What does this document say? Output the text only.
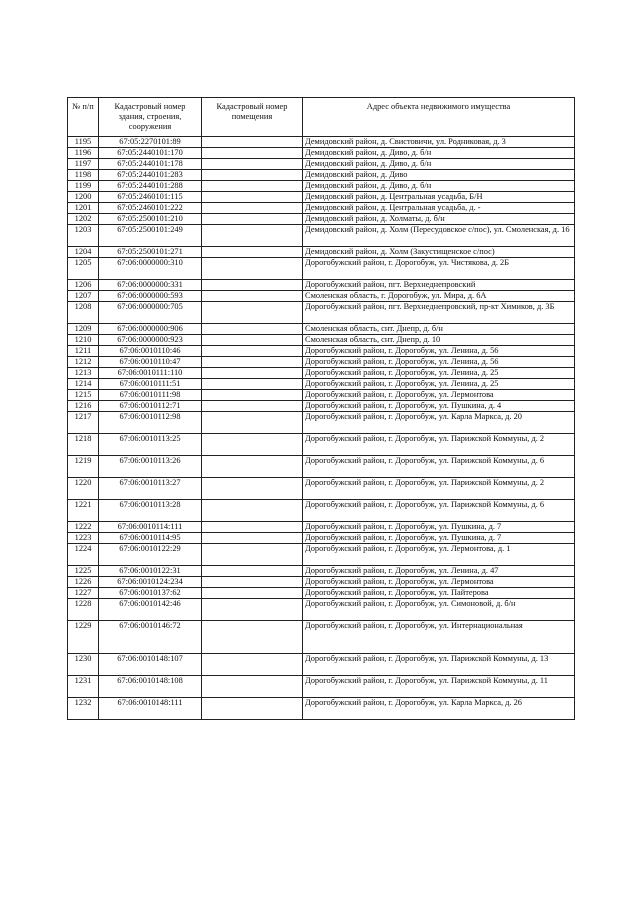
№ п/п	Кадастровый номер здания, строения, сооружения	Кадастровый номер помещения	Адрес объекта недвижимого имущества
1195	67:05:2270101:89		Демидовский район, д. Свистовичи, ул. Родниковая, д. 3
1196	67:05:2440101:170		Демидовский район, д. Диво, д. б/н
1197	67:05:2440101:178		Демидовский район, д. Диво, д. б/н
1198	67:05:2440101:283		Демидовский район, д. Диво
1199	67:05:2440101:288		Демидовский район, д. Диво, д. б/н
1200	67:05:2460101:115		Демидовский район, д. Центральная усадьба, Б/Н
1201	67:05:2460101:222		Демидовский район, д. Центральная усадьба, д. -
1202	67:05:2500101:210		Демидовский район, д. Холматы, д. б/н
1203	67:05:2500101:249		Демидовский район, д. Холм (Пересудовское с/пос), ул. Смоленская, д. 16
1204	67:05:2500101:271		Демидовский район, д. Холм (Закустищенское с/пос)
1205	67:06:0000000:310		Дорогобужский район, г. Дорогобуж, ул. Чистякова, д. 2Б
1206	67:06:0000000:331		Дорогобужский район, пгт. Верхнеднепровский
1207	67:06:0000000:593		Смоленская область, г. Дорогобуж, ул. Мира, д. 6А
1208	67:06:0000000:705		Дорогобужский район, пгт. Верхнеднепровский, пр-кт Химиков, д. 3Б
1209	67:06:0000000:906		Смоленская область, снт. Днепр, д. б/н
1210	67:06:0000000:923		Смоленская область, снт. Днепр, д. 10
1211	67:06:0010110:46		Дорогобужский район, г. Дорогобуж, ул. Ленина, д. 56
1212	67:06:0010110:47		Дорогобужский район, г. Дорогобуж, ул. Ленина, д. 56
1213	67:06:0010111:110		Дорогобужский район, г. Дорогобуж, ул. Ленина, д. 25
1214	67:06:0010111:51		Дорогобужский район, г. Дорогобуж, ул. Ленина, д. 25
1215	67:06:0010111:98		Дорогобужский район, г. Дорогобуж, ул. Лермонтова
1216	67:06:0010112:71		Дорогобужский район, г. Дорогобуж, ул. Пушкина, д. 4
1217	67:06:0010112:98		Дорогобужский район, г. Дорогобуж, ул. Карла Маркса, д. 20
1218	67:06:0010113:25		Дорогобужский район, г. Дорогобуж, ул. Парижской Коммуны, д. 2
1219	67:06:0010113:26		Дорогобужский район, г. Дорогобуж, ул. Парижской Коммуны, д. 6
1220	67:06:0010113:27		Дорогобужский район, г. Дорогобуж, ул. Парижской Коммуны, д. 2
1221	67:06:0010113:28		Дорогобужский район, г. Дорогобуж, ул. Парижской Коммуны, д. 6
1222	67:06:0010114:111		Дорогобужский район, г. Дорогобуж, ул. Пушкина, д. 7
1223	67:06:0010114:95		Дорогобужский район, г. Дорогобуж, ул. Пушкина, д. 7
1224	67:06:0010122:29		Дорогобужский район, г. Дорогобуж, ул. Лермонтова, д. 1
1225	67:06:0010122:31		Дорогобужский район, г. Дорогобуж, ул. Ленина, д. 47
1226	67:06:0010124:234		Дорогобужский район, г. Дорогобуж, ул. Лермонтова
1227	67:06:0010137:62		Дорогобужский район, г. Дорогобуж, ул. Пайтерова
1228	67:06:0010142:46		Дорогобужский район, г. Дорогобуж, ул. Симоновой, д. б/н
1229	67:06:0010146:72		Дорогобужский район, г. Дорогобуж, ул. Интернациональная
1230	67:06:0010148:107		Дорогобужский район, г. Дорогобуж, ул. Парижской Коммуны, д. 13
1231	67:06:0010148:108		Дорогобужский район, г. Дорогобуж, ул. Парижской Коммуны, д. 11
1232	67:06:0010148:111		Дорогобужский район, г. Дорогобуж, ул. Карла Маркса, д. 26
